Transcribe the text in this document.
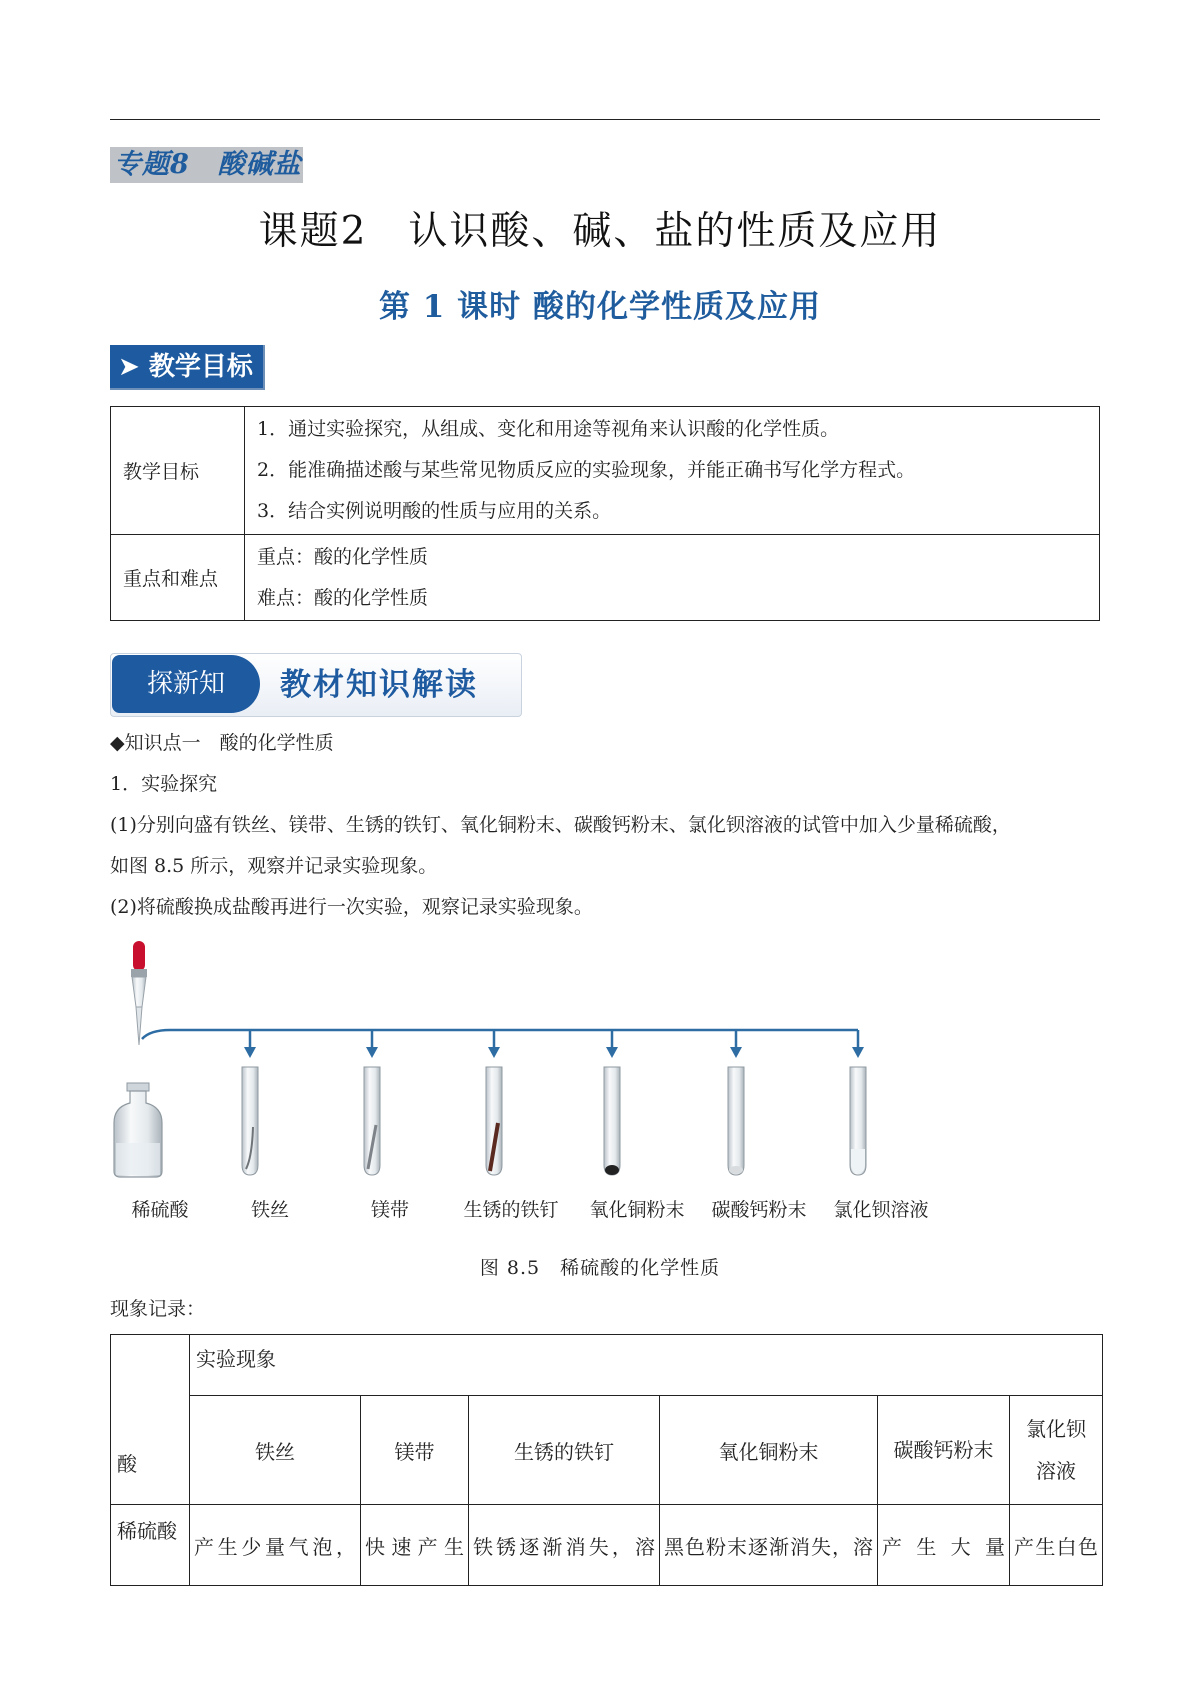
专题8 酸碱盐
课题2　认识酸、碱、盐的性质及应用
第 1 课时 酸的化学性质及应用
➤ 教学目标
教学目标	1．通过实验探究，从组成、变化和用途等视角来认识酸的化学性质。
2．能准确描述酸与某些常见物质反应的实验现象，并能正确书写化学方程式。
3．结合实例说明酸的性质与应用的关系。

重点和难点	重点：酸的化学性质
难点：酸的化学性质
探新知	教材知识解读
◆知识点一　酸的化学性质
1．实验探究
(1)分别向盛有铁丝、镁带、生锈的铁钉、氧化铜粉末、碳酸钙粉末、氯化钡溶液的试管中加入少量稀硫酸，
如图 8.5 所示，观察并记录实验现象。
(2)将硫酸换成盐酸再进行一次实验，观察记录实验现象。
稀硫酸	铁丝	镁带	生锈的铁钉 氧化铜粉末 碳酸钙粉末 氯化钡溶液
图 8.5　稀硫酸的化学性质
现象记录：
酸	实验现象					
	铁丝	镁带	生锈的铁钉	氧化铜粉末	碳酸钙粉末	氯化钡溶液
稀硫酸	产生少量气泡，	快速产生	铁锈逐渐消失，溶	黑色粉末逐渐消失，溶	产生大量	产生白色
